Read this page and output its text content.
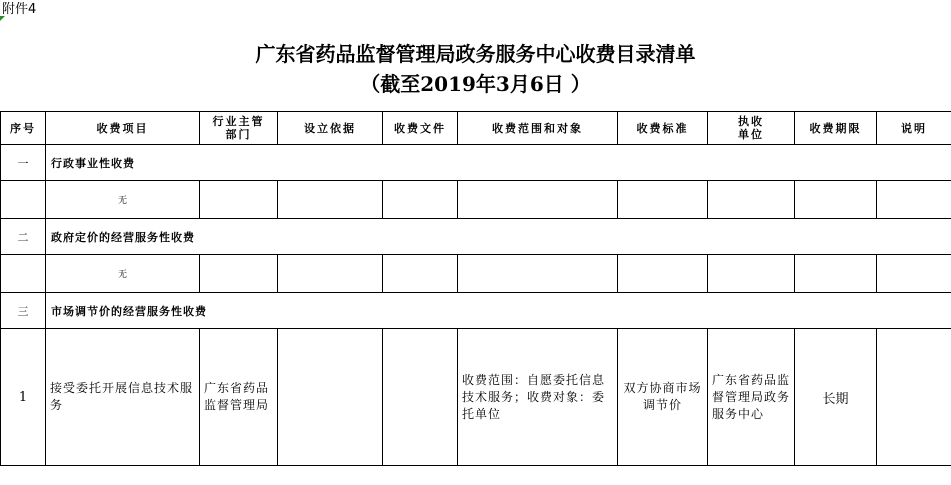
附件4
广东省药品监督管理局政务服务中心收费目录清单
（截至2019年3月6日 ）
序号	收费项目	行业主管部门	设立依据	收费文件	收费范围和对象	收费标准	执收单位	收费期限	说明
一	行政事业性收费								
	无								
二	政府定价的经营服务性收费								
	无								
三	市场调节价的经营服务性收费								
1	接受委托开展信息技术服务	广东省药品监督管理局			收费范围：自愿委托信息技术服务；收费对象：委托单位	双方协商市场调节价	广东省药品监督管理局政务服务中心	长期	
